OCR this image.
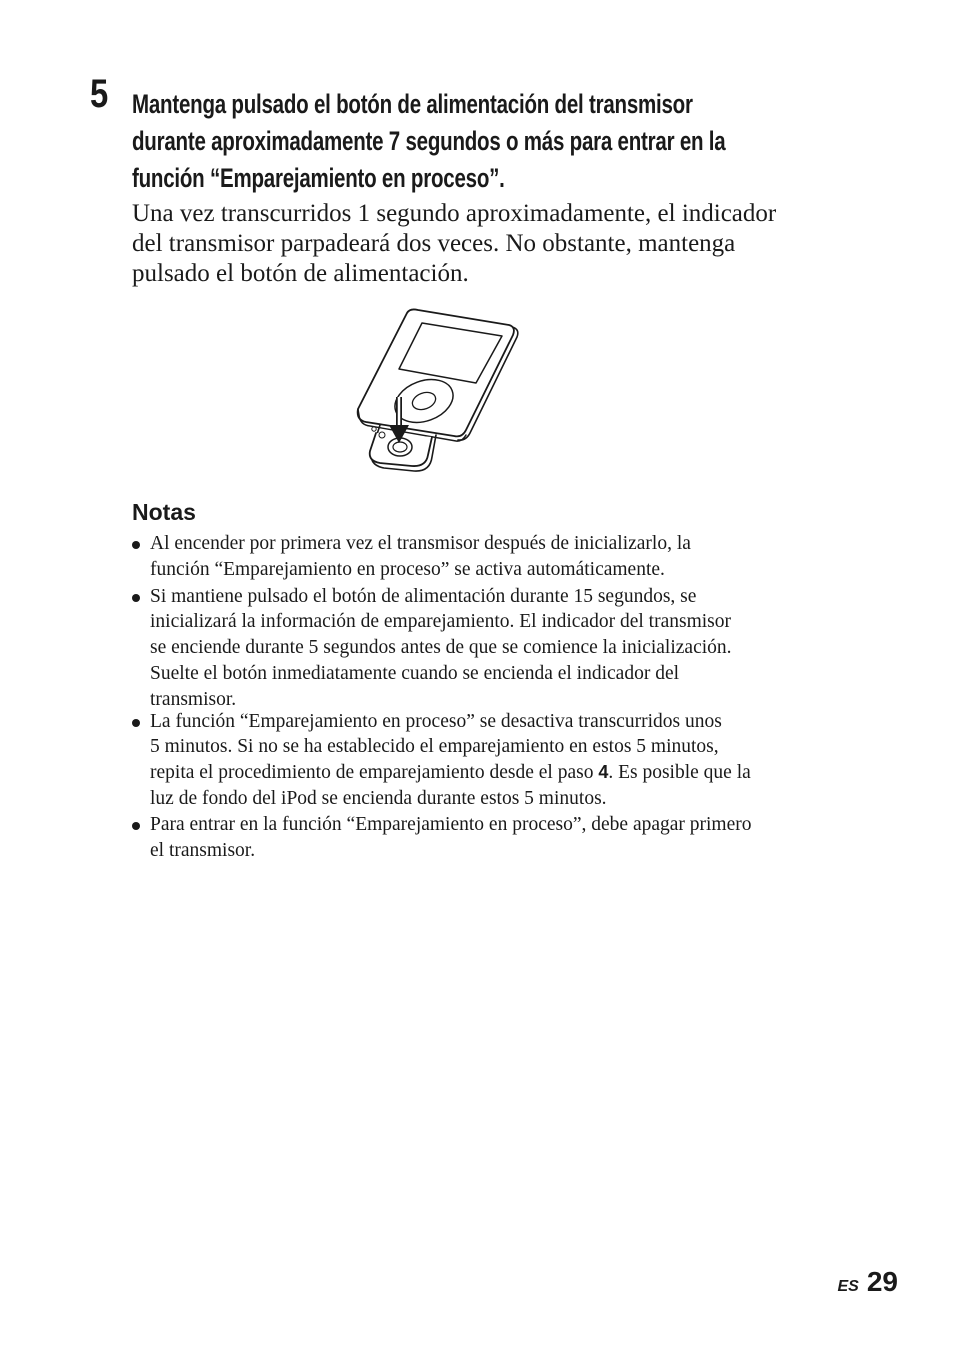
5 Mantenga pulsado el botón de alimentación del transmisor
durante aproximadamente 7 segundos o más para entrar en la
función “Emparejamiento en proceso”.
Una vez transcurridos 1 segundo aproximadamente, el indicador
del transmisor parpadeará dos veces. No obstante, mantenga
pulsado el botón de alimentación.
Notas
Al encender por primera vez el transmisor después de inicializarlo, la
función “Emparejamiento en proceso” se activa automáticamente.
Si mantiene pulsado el botón de alimentación durante 15 segundos, se
inicializará la información de emparejamiento. El indicador del transmisor
se enciende durante 5 segundos antes de que se comience la inicialización.
Suelte el botón inmediatamente cuando se encienda el indicador del
transmisor.
La función “Emparejamiento en proceso” se desactiva transcurridos unos
5 minutos. Si no se ha establecido el emparejamiento en estos 5 minutos,
repita el procedimiento de emparejamiento desde el paso 4. Es posible que la
luz de fondo del iPod se encienda durante estos 5 minutos.
Para entrar en la función “Emparejamiento en proceso”, debe apagar primero
el transmisor.
ES 29
